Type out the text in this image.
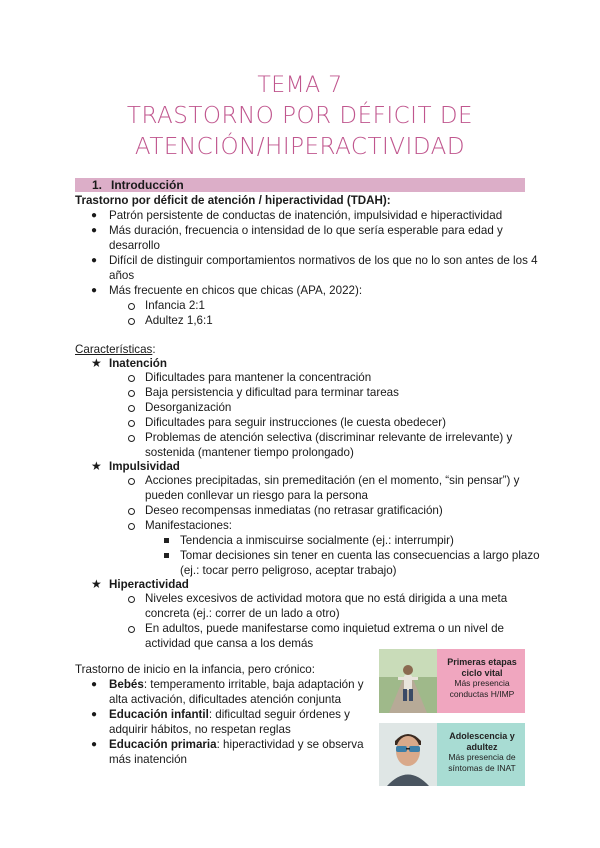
TEMA 7
TRASTORNO POR DÉFICIT DE
ATENCIÓN/HIPERACTIVIDAD
1. Introducción
Trastorno por déficit de atención / hiperactividad (TDAH):
● Patrón persistente de conductas de inatención, impulsividad e hiperactividad
● Más duración, frecuencia o intensidad de lo que sería esperable para edad y
desarrollo
● Difícil de distinguir comportamientos normativos de los que no lo son antes de los 4
años
● Más frecuente en chicos que chicas (APA, 2022):
Infancia 2:1
Adultez 1,6:1
Características:
★ Inatención
Dificultades para mantener la concentración
Baja persistencia y dificultad para terminar tareas
Desorganización
Dificultades para seguir instrucciones (le cuesta obedecer)
Problemas de atención selectiva (discriminar relevante de irrelevante) y
sostenida (mantener tiempo prolongado)
★ Impulsividad
Acciones precipitadas, sin premeditación (en el momento, “sin pensar”) y
pueden conllevar un riesgo para la persona
Deseo recompensas inmediatas (no retrasar gratificación)
Manifestaciones:
Tendencia a inmiscuirse socialmente (ej.: interrumpir)
Tomar decisiones sin tener en cuenta las consecuencias a largo plazo
(ej.: tocar perro peligroso, aceptar trabajo)
★ Hiperactividad
Niveles excesivos de actividad motora que no está dirigida a una meta
concreta (ej.: correr de un lado a otro)
En adultos, puede manifestarse como inquietud extrema o un nivel de
actividad que cansa a los demás
Trastorno de inicio en la infancia, pero crónico:
● Bebés: temperamento irritable, baja adaptación y
alta activación, dificultades atención conjunta
● Educación infantil: dificultad seguir órdenes y
adquirir hábitos, no respetan reglas
● Educación primaria: hiperactividad y se observa
más inatención
Primeras etapas
ciclo vital
Más presencia
conductas H/IMP
Adolescencia y
adultez
Más presencia de
síntomas de INAT
